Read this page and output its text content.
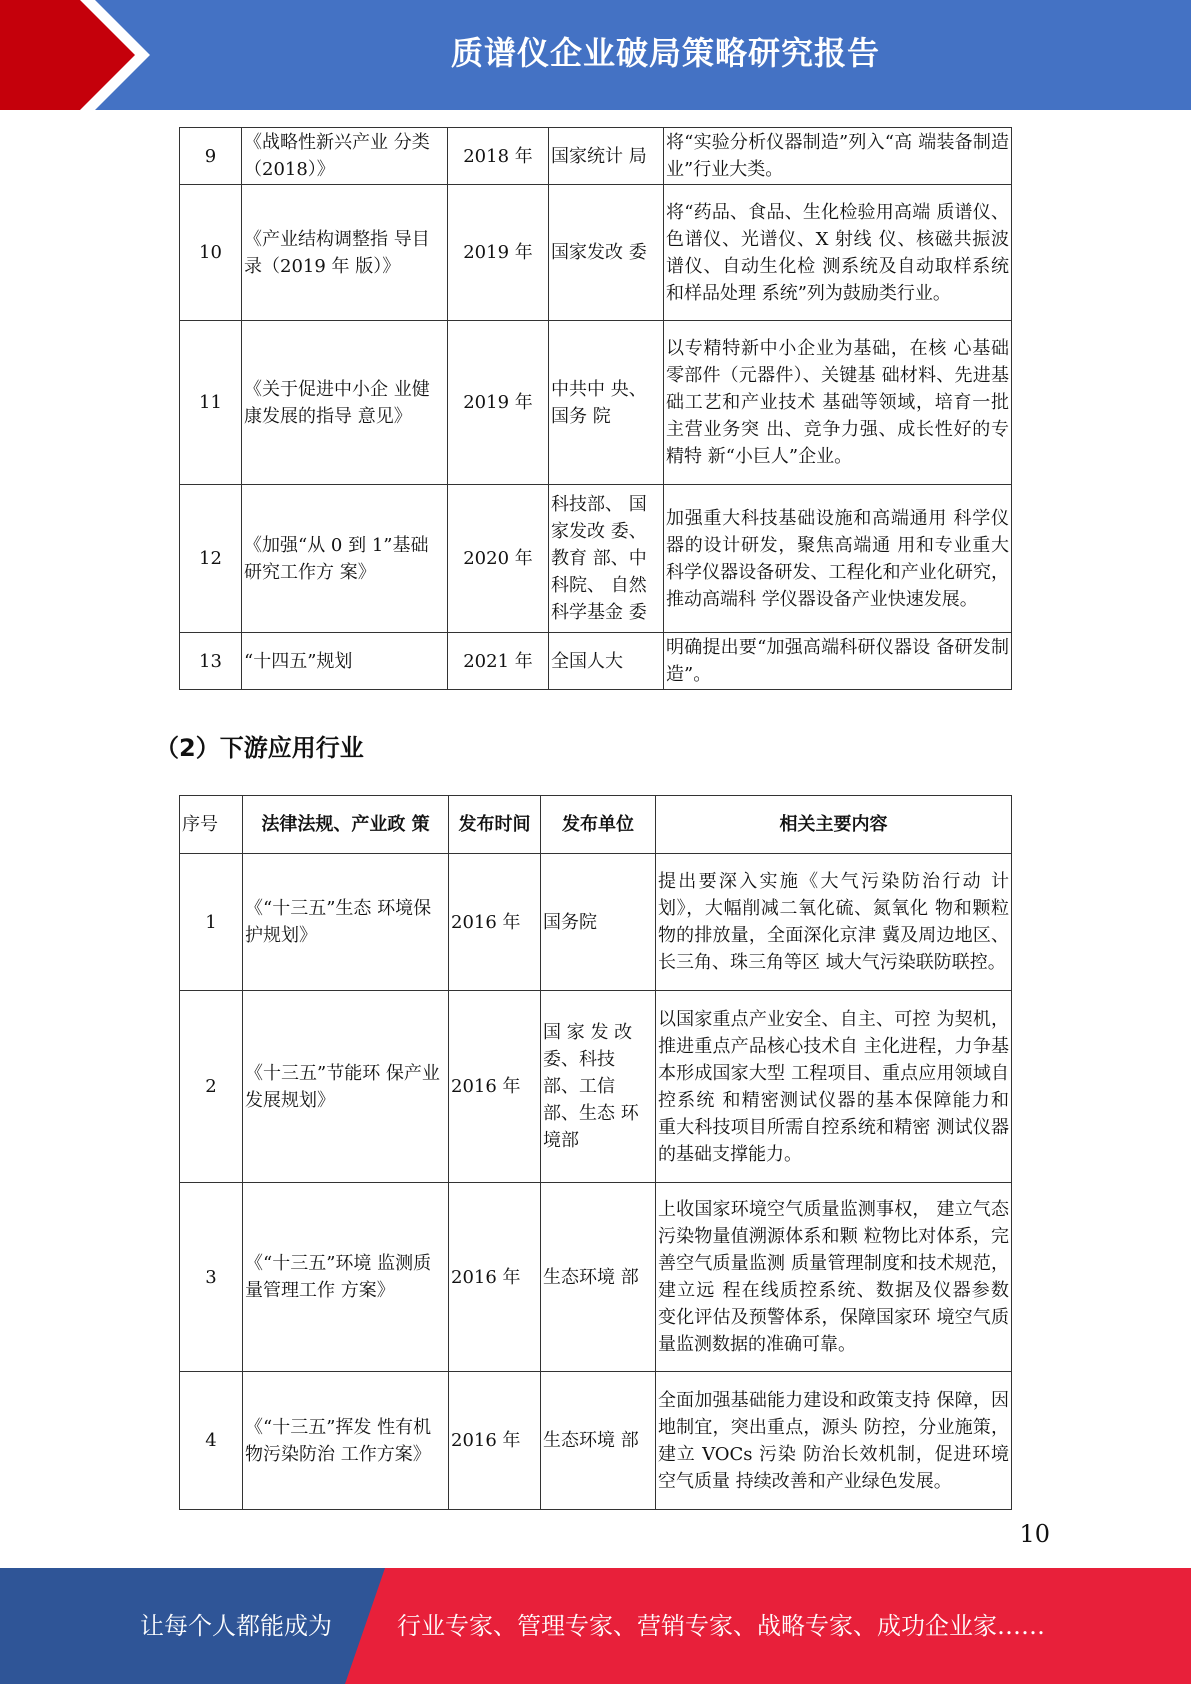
质谱仪企业破局策略研究报告
9	《战略性新兴产业 分类（2018）》	2018 年	国家统计 局	将“实验分析仪器制造”列入“高 端装备制造业”行业大类。
10	《产业结构调整指 导目录（2019 年 版）》	2019 年	国家发改 委	将“药品、食品、生化检验用高端 质谱仪、色谱仪、光谱仪、X 射线 仪、核磁共振波谱仪、自动生化检 测系统及自动取样系统和样品处理 系统”列为鼓励类行业。
11	《关于促进中小企 业健康发展的指导 意见》	2019 年	中共中 央、国务 院	以专精特新中小企业为基础，在核 心基础零部件（元器件）、关键基 础材料、先进基础工艺和产业技术 基础等领域，培育一批主营业务突 出、竞争力强、成长性好的专精特 新“小巨人”企业。
12	《加强“从 0 到 1”基础研究工作方 案》	2020 年	科技部、 国家发改 委、教育 部、中科院、 自然科学基金 委	加强重大科技基础设施和高端通用 科学仪器的设计研发，聚焦高端通 用和专业重大科学仪器设备研发、工程化和产业化研究，推动高端科 学仪器设备产业快速发展。
13	“十四五”规划	2021 年	全国人大	明确提出要“加强高端科研仪器设 备研发制造”。
（2）下游应用行业
序号	法律法规、产业政 策	发布时间	发布单位	相关主要内容
1	《“十三五”生态 环境保护规划》	2016 年	国务院	提出要深入实施《大气污染防治行动 计划》，大幅削减二氧化硫、氮氧化 物和颗粒物的排放量，全面深化京津 冀及周边地区、长三角、珠三角等区 域大气污染联防联控。
2	《十三五”节能环 保产业发展规划》	2016 年	国 家 发 改 委、科技 部、工信 部、生态 环境部	以国家重点产业安全、自主、可控 为契机，推进重点产品核心技术自 主化进程，力争基本形成国家大型 工程项目、重点应用领域自控系统 和精密测试仪器的基本保障能力和 重大科技项目所需自控系统和精密 测试仪器的基础支撑能力。
3	《“十三五”环境 监测质量管理工作 方案》	2016 年	生态环境 部	上收国家环境空气质量监测事权， 建立气态污染物量值溯源体系和颗 粒物比对体系，完善空气质量监测 质量管理制度和技术规范，建立远 程在线质控系统、数据及仪器参数 变化评估及预警体系，保障国家环 境空气质量监测数据的准确可靠。
4	《“十三五”挥发 性有机物污染防治 工作方案》	2016 年	生态环境 部	全面加强基础能力建设和政策支持 保障，因地制宜，突出重点，源头 防控，分业施策，建立 VOCs 污染 防治长效机制，促进环境空气质量 持续改善和产业绿色发展。
10
让每个人都能成为	行业专家、管理专家、营销专家、战略专家、成功企业家……
